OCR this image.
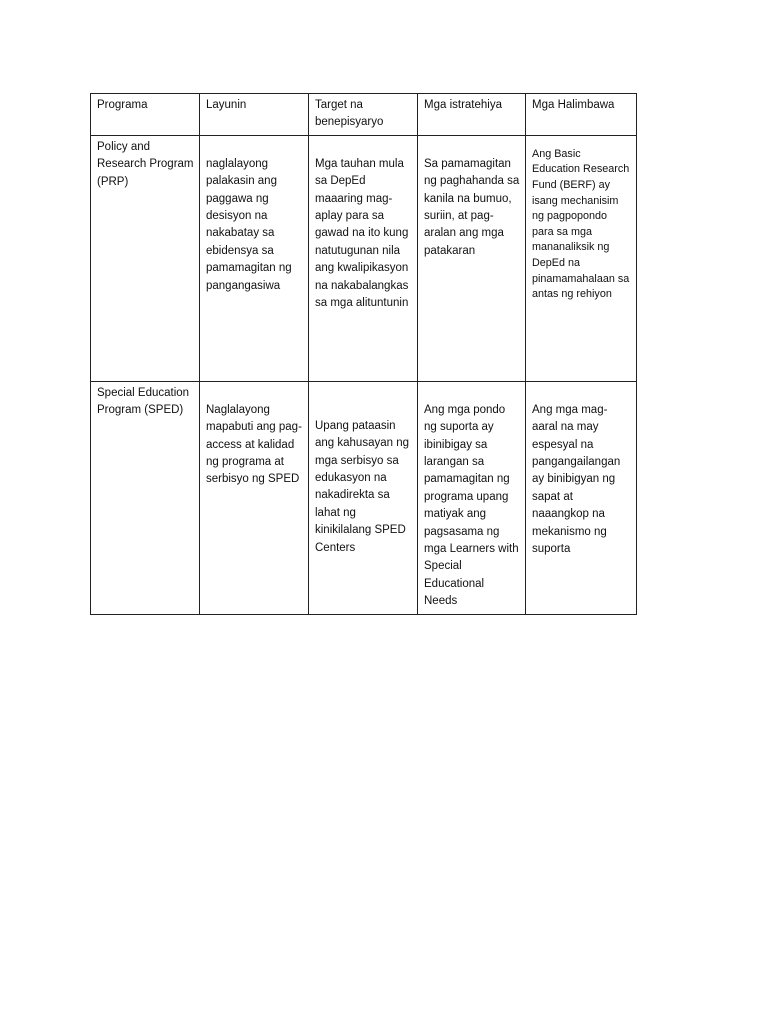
Programa	Layunin	Target na benepisyaryo	Mga istratehiya	Mga Halimbawa

Policy and Research Program (PRP)	naglalayong palakasin ang paggawa ng desisyon na nakabatay sa ebidensya sa pamamagitan ng pangangasiwa	Mga tauhan mula sa DepEd maaaring mag-aplay para sa gawad na ito kung natutugunan nila ang kwalipikasyon na nakabalangkas sa mga alituntunin	Sa pamamagitan ng paghahanda sa kanila na bumuo, suriin, at pag-aralan ang mga patakaran	Ang Basic Education Research Fund (BERF) ay isang mechanisim ng pagpopondo para sa mga mananaliksik ng DepEd na pinamamahalaan sa antas ng rehiyon

Special Education Program (SPED)	Naglalayong mapabuti ang pag-access at kalidad ng programa at serbisyo ng SPED	Upang pataasin ang kahusayan ng mga serbisyo sa edukasyon na nakadirekta sa lahat ng kinikilalang SPED Centers	Ang mga pondo ng suporta ay ibinibigay sa larangan sa pamamagitan ng programa upang matiyak ang pagsasama ng mga Learners with Special Educational Needs	Ang mga mag-aaral na may espesyal na pangangailangan ay binibigyan ng sapat at naaangkop na mekanismo ng suporta
